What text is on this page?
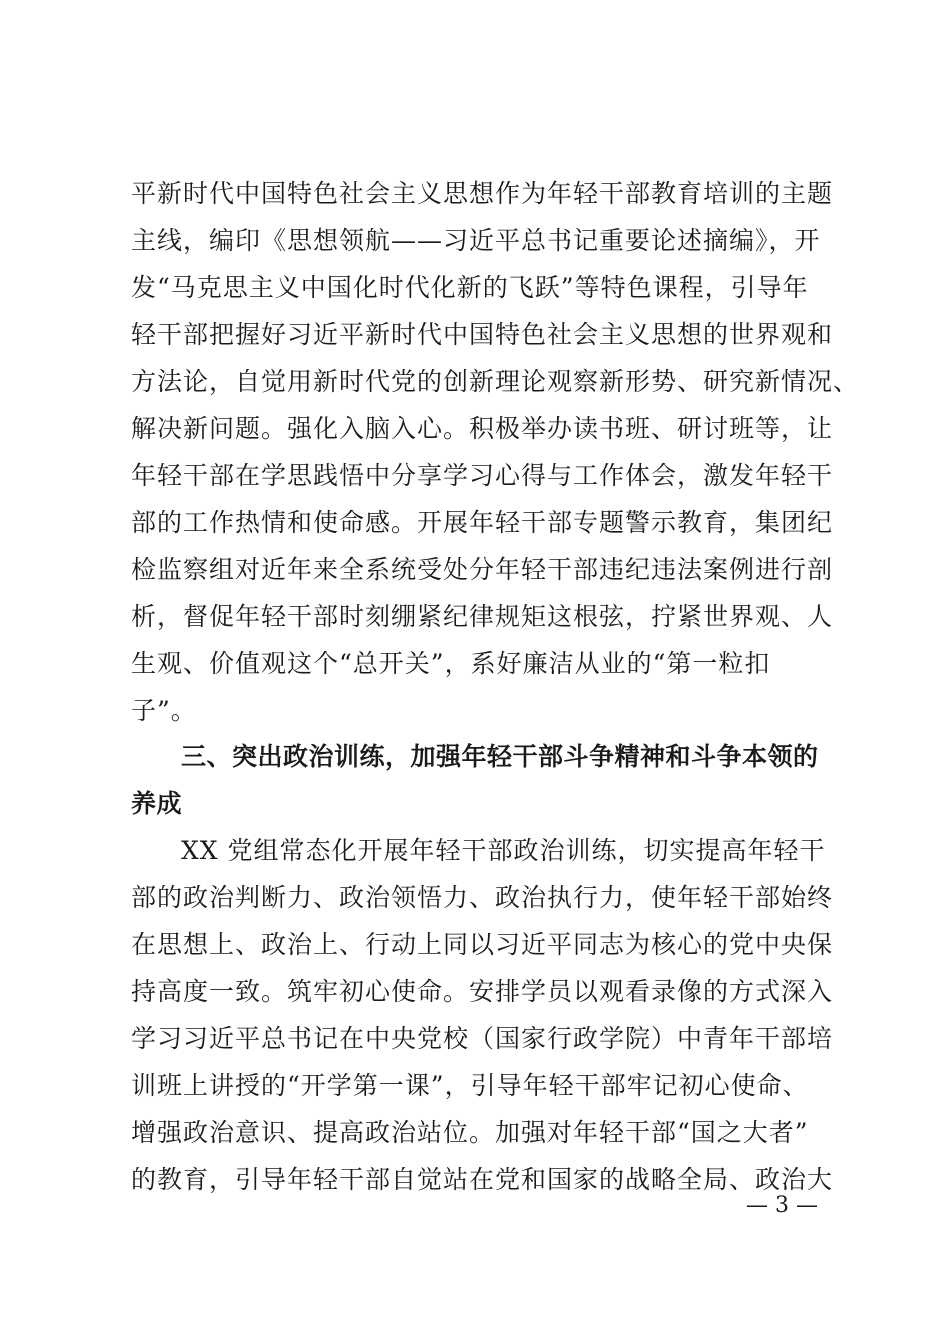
平新时代中国特色社会主义思想作为年轻干部教育培训的主题
主线，编印《思想领航——习近平总书记重要论述摘编》，开
发“马克思主义中国化时代化新的飞跃”等特色课程，引导年
轻干部把握好习近平新时代中国特色社会主义思想的世界观和
方法论，自觉用新时代党的创新理论观察新形势、研究新情况、
解决新问题。强化入脑入心。积极举办读书班、研讨班等，让
年轻干部在学思践悟中分享学习心得与工作体会，激发年轻干
部的工作热情和使命感。开展年轻干部专题警示教育，集团纪
检监察组对近年来全系统受处分年轻干部违纪违法案例进行剖
析，督促年轻干部时刻绷紧纪律规矩这根弦，拧紧世界观、人
生观、价值观这个“总开关”，系好廉洁从业的“第一粒扣
子”。
三、突出政治训练，加强年轻干部斗争精神和斗争本领的
养成
XX 党组常态化开展年轻干部政治训练，切实提高年轻干
部的政治判断力、政治领悟力、政治执行力，使年轻干部始终
在思想上、政治上、行动上同以习近平同志为核心的党中央保
持高度一致。筑牢初心使命。安排学员以观看录像的方式深入
学习习近平总书记在中央党校（国家行政学院）中青年干部培
训班上讲授的“开学第一课”，引导年轻干部牢记初心使命、
增强政治意识、提高政治站位。加强对年轻干部“国之大者”
的教育，引导年轻干部自觉站在党和国家的战略全局、政治大
— 3 —
